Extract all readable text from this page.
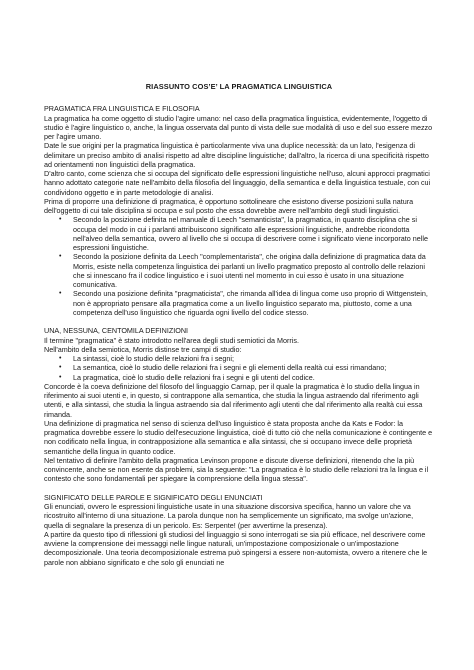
RIASSUNTO COS’E’ LA PRAGMATICA LINGUISTICA
PRAGMATICA FRA LINGUISTICA E FILOSOFIA

La pragmatica ha come oggetto di studio l'agire umano: nel caso della pragmatica linguistica, evidentemente, l'oggetto di studio è l'agire linguistico o, anche, la lingua osservata dal punto di vista delle sue modalità di uso e del suo essere mezzo per l'agire umano.

Date le sue origini per la pragmatica linguistica è particolarmente viva una duplice necessità: da un lato, l'esigenza di delimitare un preciso ambito di analisi rispetto ad altre discipline linguistiche; dall'altro, la ricerca di una specificità rispetto ad orientamenti non linguistici della pragmatica.

D'altro canto, come scienza che si occupa del significato delle espressioni linguistiche nell'uso, alcuni approcci pragmatici hanno adottato categorie nate nell'ambito della filosofia del linguaggio, della semantica e della linguistica testuale, con cui condividono oggetto e in parte metodologie di analisi.

Prima di proporre una definizione di pragmatica, è opportuno sottolineare che esistono diverse posizioni sulla natura dell'oggetto di cui tale disciplina si occupa e sul posto che essa dovrebbe avere nell'ambito degli studi linguistici.

• Secondo la posizione definita nel manuale di Leech "semanticista", la pragmatica, in quanto disciplina che si occupa del modo in cui i parlanti attribuiscono significato alle espressioni linguistiche, andrebbe ricondotta nell'alveo della semantica, ovvero al livello che si occupa di descrivere come i significato viene incorporato nelle espressioni linguistiche.
• Secondo la posizione definita da Leech "complementarista", che origina dalla definizione di pragmatica data da Morris, esiste nella competenza linguistica dei parlanti un livello pragmatico preposto al controllo delle relazioni che si innescano fra il codice linguistico e i suoi utenti nel momento in cui esso è usato in una situazione comunicativa.
• Secondo una posizione definita "pragmaticista", che rimanda all'idea di lingua come uso proprio di Wittgenstein, non è appropriato pensare alla pragmatica come a un livello linguistico separato ma, piuttosto, come a una competenza dell'uso linguistico che riguarda ogni livello del codice stesso.
UNA, NESSUNA, CENTOMILA DEFINIZIONI

Il termine "pragmatica" è stato introdotto nell'area degli studi semiotici da Morris.

Nell'ambito della semiotica, Morris distinse tre campi di studio:

• La sintassi, cioè lo studio delle relazioni fra i segni;
• La semantica, cioè lo studio delle relazioni fra i segni e gli elementi della realtà cui essi rimandano;
• La pragmatica, cioè lo studio delle relazioni fra i segni e gli utenti del codice.

Concorde è la coeva definizione del filosofo del linguaggio Carnap, per il quale la pragmatica è lo studio della lingua in riferimento ai suoi utenti e, in questo, si contrappone alla semantica, che studia la lingua astraendo dal riferimento agli utenti, e alla sintassi, che studia la lingua astraendo sia dal riferimento agli utenti che dal riferimento alla realtà cui essa rimanda.

Una definizione di pragmatica nel senso di scienza dell'uso linguistico è stata proposta anche da Kats e Fodor: la pragmatica dovrebbe essere lo studio dell'esecuzione linguistica, cioè di tutto ciò che nella comunicazione è contingente e non codificato nella lingua, in contrapposizione alla semantica e alla sintassi, che si occupano invece delle proprietà semantiche della lingua in quanto codice.

Nel tentativo di definire l'ambito della pragmatica Levinson propone e discute diverse definizioni, ritenendo che la più convincente, anche se non esente da problemi, sia la seguente: "La pragmatica è lo studio delle relazioni tra la lingua e il contesto che sono fondamentali per spiegare la comprensione della lingua stessa".

SIGNIFICATO DELLE PAROLE E SIGNIFICATO DEGLI ENUNCIATI

Gli enunciati, ovvero le espressioni linguistiche usate in una situazione discorsiva specifica, hanno un valore che va ricostruito all'interno di una situazione. La parola dunque non ha semplicemente un significato, ma svolge un'azione, quella di segnalare la presenza di un pericolo. Es: Serpente! (per avvertirne la presenza).

A partire da questo tipo di riflessioni gli studiosi del linguaggio si sono interrogati se sia più efficace, nel descrivere come avviene la comprensione dei messaggi nelle lingue naturali, un'impostazione composizionale o un'impostazione decomposizionale. Una teoria decomposizionale estrema può spingersi a essere non-automista, ovvero a ritenere che le parole non abbiano significato e che solo gli enunciati ne
